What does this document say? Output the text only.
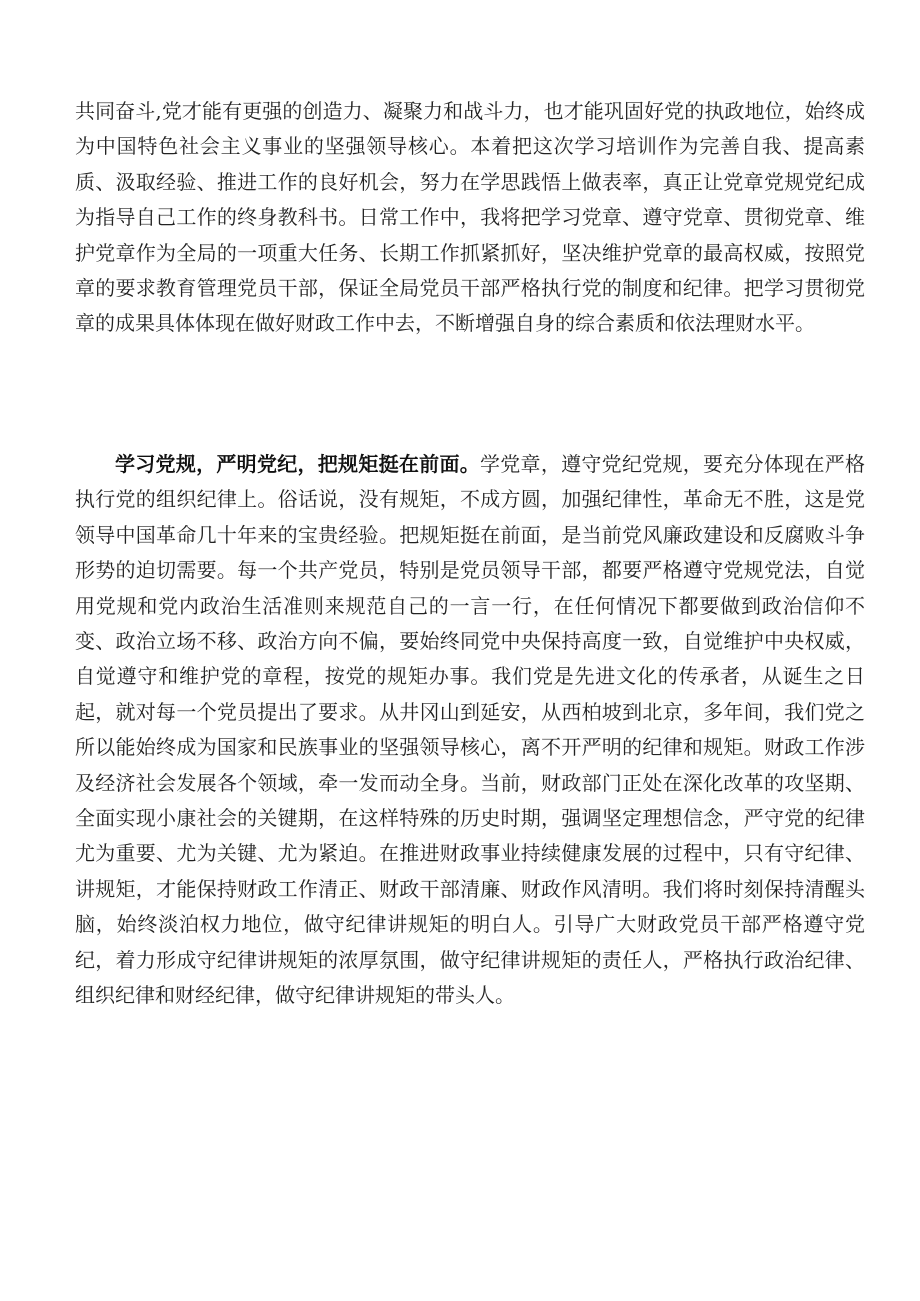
共同奋斗,党才能有更强的创造力、凝聚力和战斗力，也才能巩固好党的执政地位，始终成为中国特色社会主义事业的坚强领导核心。本着把这次学习培训作为完善自我、提高素质、汲取经验、推进工作的良好机会，努力在学思践悟上做表率，真正让党章党规党纪成为指导自己工作的终身教科书。日常工作中，我将把学习党章、遵守党章、贯彻党章、维护党章作为全局的一项重大任务、长期工作抓紧抓好，坚决维护党章的最高权威，按照党章的要求教育管理党员干部，保证全局党员干部严格执行党的制度和纪律。把学习贯彻党章的成果具体体现在做好财政工作中去，不断增强自身的综合素质和依法理财水平。

学习党规，严明党纪，把规矩挺在前面。学党章，遵守党纪党规，要充分体现在严格执行党的组织纪律上。俗话说，没有规矩，不成方圆，加强纪律性，革命无不胜，这是党领导中国革命几十年来的宝贵经验。把规矩挺在前面，是当前党风廉政建设和反腐败斗争形势的迫切需要。每一个共产党员，特别是党员领导干部，都要严格遵守党规党法，自觉用党规和党内政治生活准则来规范自己的一言一行，在任何情况下都要做到政治信仰不变、政治立场不移、政治方向不偏，要始终同党中央保持高度一致，自觉维护中央权威，自觉遵守和维护党的章程，按党的规矩办事。我们党是先进文化的传承者，从诞生之日起，就对每一个党员提出了要求。从井冈山到延安，从西柏坡到北京，多年间，我们党之所以能始终成为国家和民族事业的坚强领导核心，离不开严明的纪律和规矩。财政工作涉及经济社会发展各个领域，牵一发而动全身。当前，财政部门正处在深化改革的攻坚期、全面实现小康社会的关键期，在这样特殊的历史时期，强调坚定理想信念，严守党的纪律尤为重要、尤为关键、尤为紧迫。在推进财政事业持续健康发展的过程中，只有守纪律、讲规矩，才能保持财政工作清正、财政干部清廉、财政作风清明。我们将时刻保持清醒头脑，始终淡泊权力地位，做守纪律讲规矩的明白人。引导广大财政党员干部严格遵守党纪，着力形成守纪律讲规矩的浓厚氛围，做守纪律讲规矩的责任人，严格执行政治纪律、组织纪律和财经纪律，做守纪律讲规矩的带头人。
